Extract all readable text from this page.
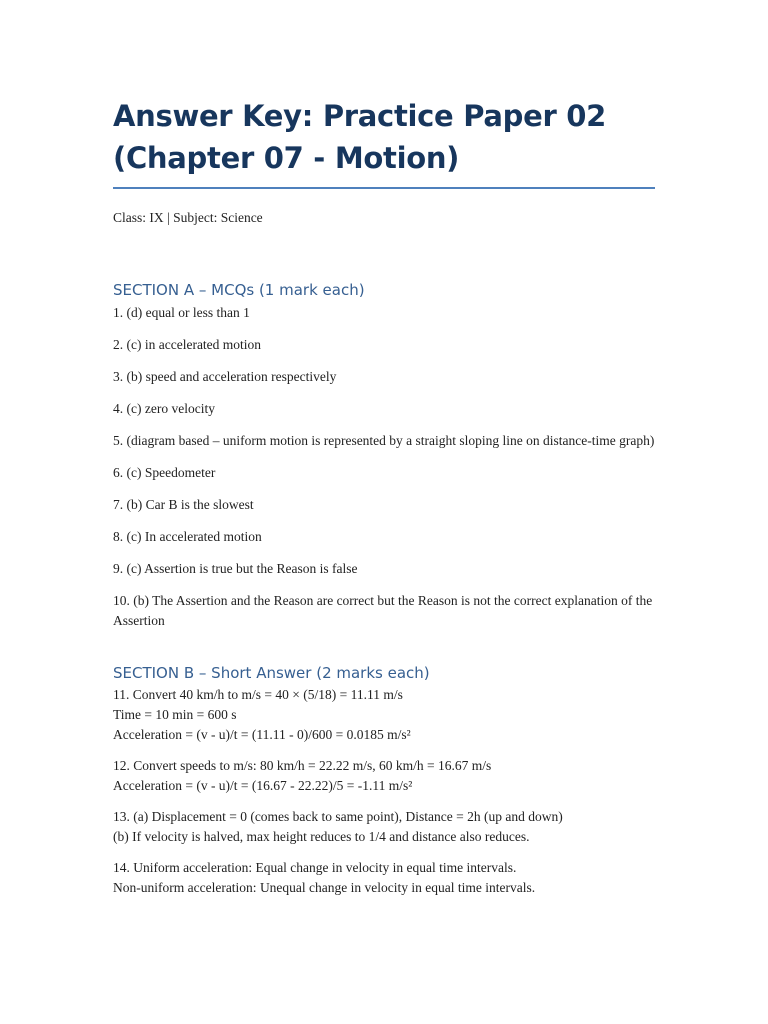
Answer Key: Practice Paper 02 (Chapter 07 - Motion)

Class: IX | Subject: Science

SECTION A – MCQs (1 mark each)
1. (d) equal or less than 1
2. (c) in accelerated motion
3. (b) speed and acceleration respectively
4. (c) zero velocity
5. (diagram based – uniform motion is represented by a straight sloping line on distance-time graph)
6. (c) Speedometer
7. (b) Car B is the slowest
8. (c) In accelerated motion
9. (c) Assertion is true but the Reason is false
10. (b) The Assertion and the Reason are correct but the Reason is not the correct explanation of the Assertion
SECTION B – Short Answer (2 marks each)
11. Convert 40 km/h to m/s = 40 × (5/18) = 11.11 m/s
Time = 10 min = 600 s
Acceleration = (v - u)/t = (11.11 - 0)/600 = 0.0185 m/s²
12. Convert speeds to m/s: 80 km/h = 22.22 m/s, 60 km/h = 16.67 m/s
Acceleration = (v - u)/t = (16.67 - 22.22)/5 = -1.11 m/s²
13. (a) Displacement = 0 (comes back to same point), Distance = 2h (up and down)
(b) If velocity is halved, max height reduces to 1/4 and distance also reduces.
14. Uniform acceleration: Equal change in velocity in equal time intervals.
Non-uniform acceleration: Unequal change in velocity in equal time intervals.
